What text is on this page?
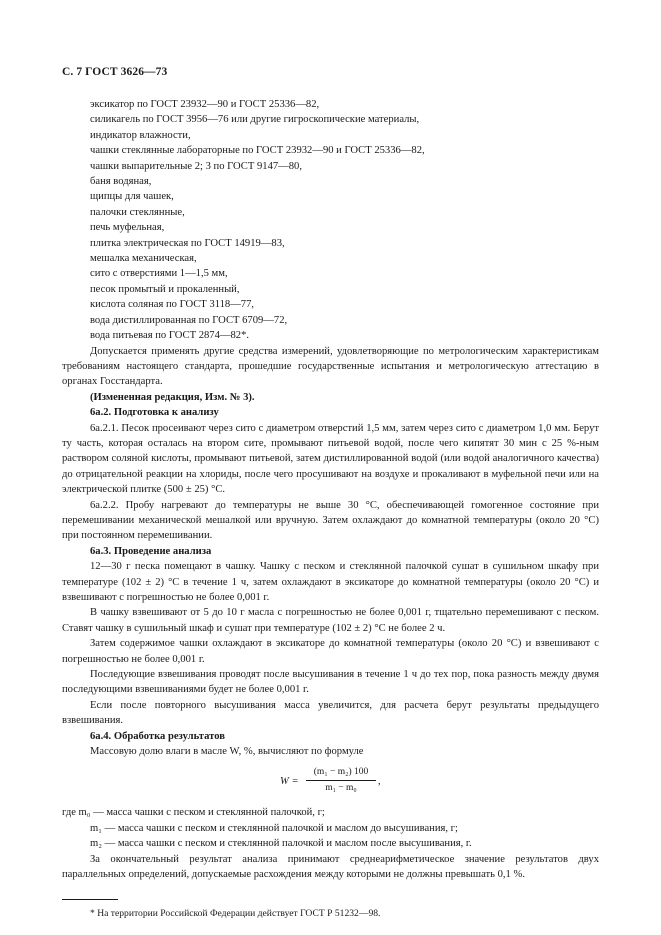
С. 7 ГОСТ 3626—73
эксикатор по ГОСТ 23932—90 и ГОСТ 25336—82,
силикагель по ГОСТ 3956—76 или другие гигроскопические материалы,
индикатор влажности,
чашки стеклянные лабораторные по ГОСТ 23932—90 и ГОСТ 25336—82,
чашки выпарительные 2; 3 по ГОСТ 9147—80,
баня водяная,
щипцы для чашек,
палочки стеклянные,
печь муфельная,
плитка электрическая по ГОСТ 14919—83,
мешалка механическая,
сито с отверстиями 1—1,5 мм,
песок промытый и прокаленный,
кислота соляная по ГОСТ 3118—77,
вода дистиллированная по ГОСТ 6709—72,
вода питьевая по ГОСТ 2874—82*.

Допускается применять другие средства измерений, удовлетворяющие по метрологическим характеристикам требованиям настоящего стандарта, прошедшие государственные испытания и метрологическую аттестацию в органах Госстандарта.

(Измененная редакция, Изм. № 3).
6а.2. Подготовка к анализу

6а.2.1. Песок просеивают через сито с диаметром отверстий 1,5 мм, затем через сито с диаметром 1,0 мм. Берут ту часть, которая осталась на втором сите, промывают питьевой водой, после чего кипятят 30 мин с 25 %-ным раствором соляной кислоты, промывают питьевой, затем дистиллированной водой (или водой аналогичного качества) до отрицательной реакции на хлориды, после чего просушивают на воздухе и прокаливают в муфельной печи или на электрической плитке (500 ± 25) °С.

6а.2.2. Пробу нагревают до температуры не выше 30 °С, обеспечивающей гомогенное состояние при перемешивании механической мешалкой или вручную. Затем охлаждают до комнатной температуры (около 20 °С) при постоянном перемешивании.

6а.3. Проведение анализа

12—30 г песка помещают в чашку. Чашку с песком и стеклянной палочкой сушат в сушильном шкафу при температуре (102 ± 2) °С в течение 1 ч, затем охлаждают в эксикаторе до комнатной температуры (около 20 °С) и взвешивают с погрешностью не более 0,001 г.

В чашку взвешивают от 5 до 10 г масла с погрешностью не более 0,001 г, тщательно перемешивают с песком. Ставят чашку в сушильный шкаф и сушат при температуре (102 ± 2) °С не более 2 ч.

Затем содержимое чашки охлаждают в эксикаторе до комнатной температуры (около 20 °С) и взвешивают с погрешностью не более 0,001 г.

Последующие взвешивания проводят после высушивания в течение 1 ч до тех пор, пока разность между двумя последующими взвешиваниями будет не более 0,001 г.

Если после повторного высушивания масса увеличится, для расчета берут результаты предыдущего взвешивания.

6а.4. Обработка результатов

Массовую долю влаги в масле W, %, вычисляют по формуле

$W = \frac{\text{(m₁ − m₂) 100}}{\text{m₁ − m₀}}$ ,
где m₀ — масса чашки с песком и стеклянной палочкой, г;
m₁ — масса чашки с песком и стеклянной палочкой и маслом до высушивания, г;
m₂ — масса чашки с песком и стеклянной палочкой и маслом после высушивания, г.

За окончательный результат анализа принимают среднеарифметическое значение результатов двух параллельных определений, допускаемые расхождения между которыми не должны превышать 0,1 %.

* На территории Российской Федерации действует ГОСТ Р 51232—98.
